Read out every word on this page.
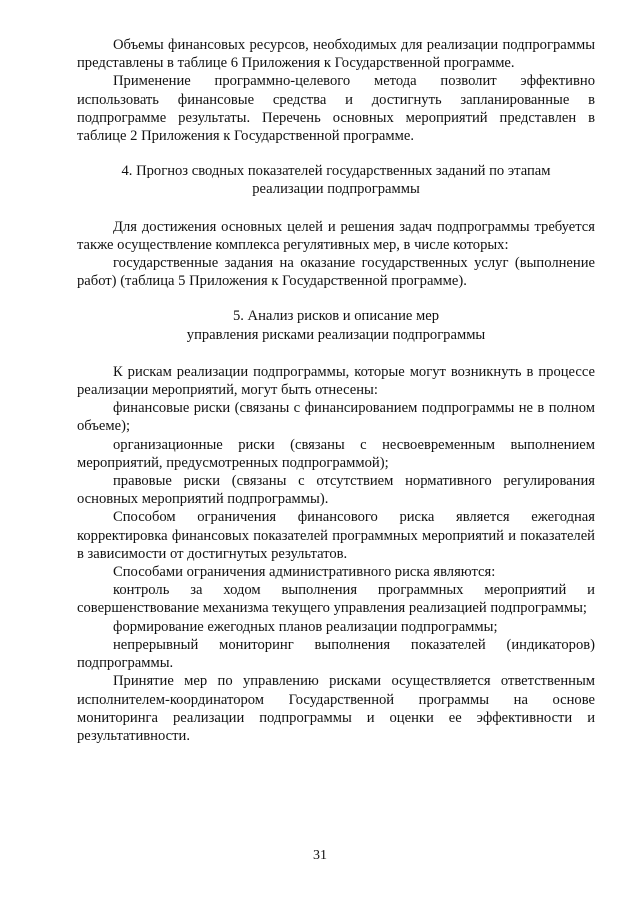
Объемы финансовых ресурсов, необходимых для реализации подпрограммы представлены в таблице 6 Приложения к Государственной программе.

Применение программно-целевого метода позволит эффективно использовать финансовые средства и достигнуть запланированные в подпрограмме результаты. Перечень основных мероприятий представлен в таблице 2 Приложения к Государственной программе.

4. Прогноз сводных показателей государственных заданий по этапам

реализации подпрограммы

Для достижения основных целей и решения задач подпрограммы требуется также осуществление комплекса регулятивных мер, в числе которых:

государственные задания на оказание государственных услуг (выполнение работ) (таблица 5 Приложения к Государственной программе).

5. Анализ рисков и описание мер

управления рисками реализации подпрограммы

К рискам реализации подпрограммы, которые могут возникнуть в процессе реализации мероприятий, могут быть отнесены:

финансовые риски (связаны с финансированием подпрограммы не в полном объеме);

организационные риски (связаны с несвоевременным выполнением мероприятий, предусмотренных подпрограммой);

правовые риски (связаны с отсутствием нормативного регулирования основных мероприятий подпрограммы).

Способом ограничения финансового риска является ежегодная корректировка финансовых показателей программных мероприятий и показателей в зависимости от достигнутых результатов.

Способами ограничения административного риска являются:

контроль за ходом выполнения программных мероприятий и совершенствование механизма текущего управления реализацией подпрограммы;

формирование ежегодных планов реализации подпрограммы;

непрерывный мониторинг выполнения показателей (индикаторов) подпрограммы.

Принятие мер по управлению рисками осуществляется ответственным исполнителем-координатором Государственной программы на основе мониторинга реализации подпрограммы и оценки ее эффективности и результативности.

31
